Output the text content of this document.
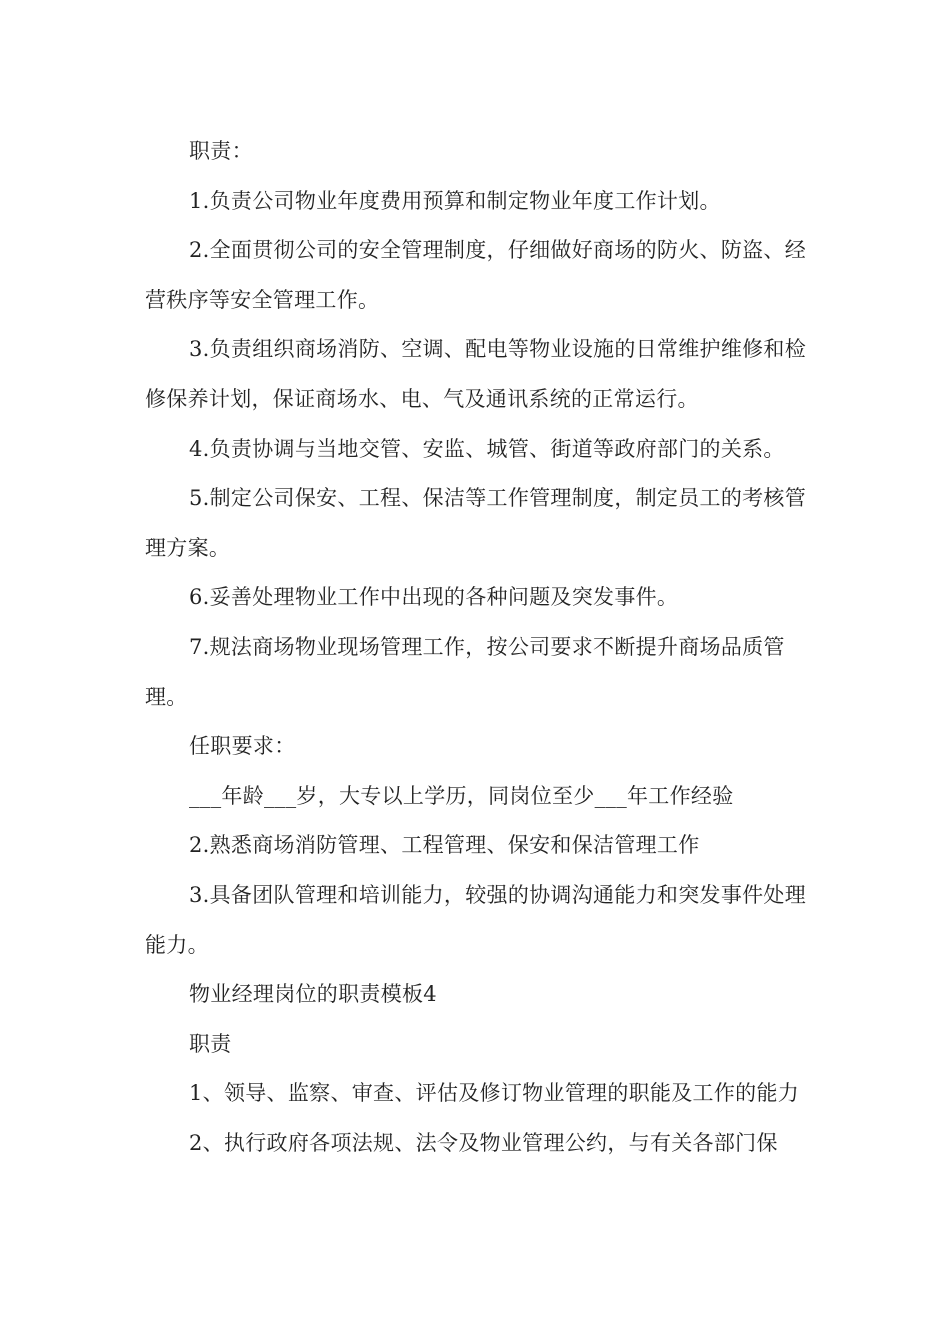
职责：

1.负责公司物业年度费用预算和制定物业年度工作计划。

2.全面贯彻公司的安全管理制度，仔细做好商场的防火、防盗、经营秩序等安全管理工作。

3.负责组织商场消防、空调、配电等物业设施的日常维护维修和检修保养计划，保证商场水、电、气及通讯系统的正常运行。

4.负责协调与当地交管、安监、城管、街道等政府部门的关系。

5.制定公司保安、工程、保洁等工作管理制度，制定员工的考核管理方案。

6.妥善处理物业工作中出现的各种问题及突发事件。

7.规法商场物业现场管理工作，按公司要求不断提升商场品质管理。

任职要求：

___年龄___岁，大专以上学历，同岗位至少___年工作经验

2.熟悉商场消防管理、工程管理、保安和保洁管理工作

3.具备团队管理和培训能力，较强的协调沟通能力和突发事件处理能力。

物业经理岗位的职责模板4

职责

1、领导、监察、审查、评估及修订物业管理的职能及工作的能力

2、执行政府各项法规、法令及物业管理公约，与有关各部门保
